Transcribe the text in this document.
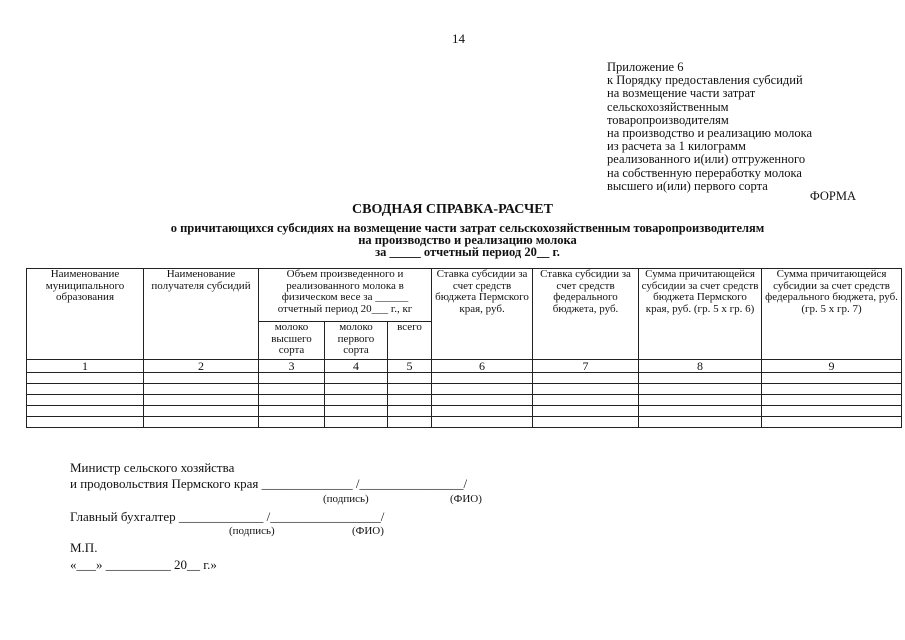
14
Приложение 6
к Порядку предоставления субсидий
на возмещение части затрат
сельскохозяйственным
товаропроизводителям
на производство и реализацию молока
из расчета за 1 килограмм
реализованного и(или) отгруженного
на собственную переработку молока
высшего и(или) первого сорта
ФОРМА
СВОДНАЯ СПРАВКА-РАСЧЕТ
о причитающихся субсидиях на возмещение части затрат сельскохозяйственным товаропроизводителям
на производство и реализацию молока
за _____ отчетный период 20__ г.
Наименование муниципального образования	Наименование получателя субсидий	Объем произведенного и реализованного молока в физическом весе за ______ отчетный период 20___ г., кг			Ставка субсидии за счет средств бюджета Пермского края, руб.	Ставка субсидии за счет средств федерального бюджета, руб.	Сумма причитающейся субсидии за счет средств бюджета Пермского края, руб. (гр. 5 х гр. 6)	Сумма причитающейся субсидии за счет средств федерального бюджета, руб. (гр. 5 х гр. 7)
		молоко высшего сорта	молоко первого сорта	всего				
1	2	3	4	5	6	7	8	9

Министр сельского хозяйства
и продовольствия Пермского края ______________ /________________/
(подпись)	(ФИО)
Главный бухгалтер _____________ /_________________/
(подпись)	(ФИО)
М.П.
«___» __________ 20__ г.»
